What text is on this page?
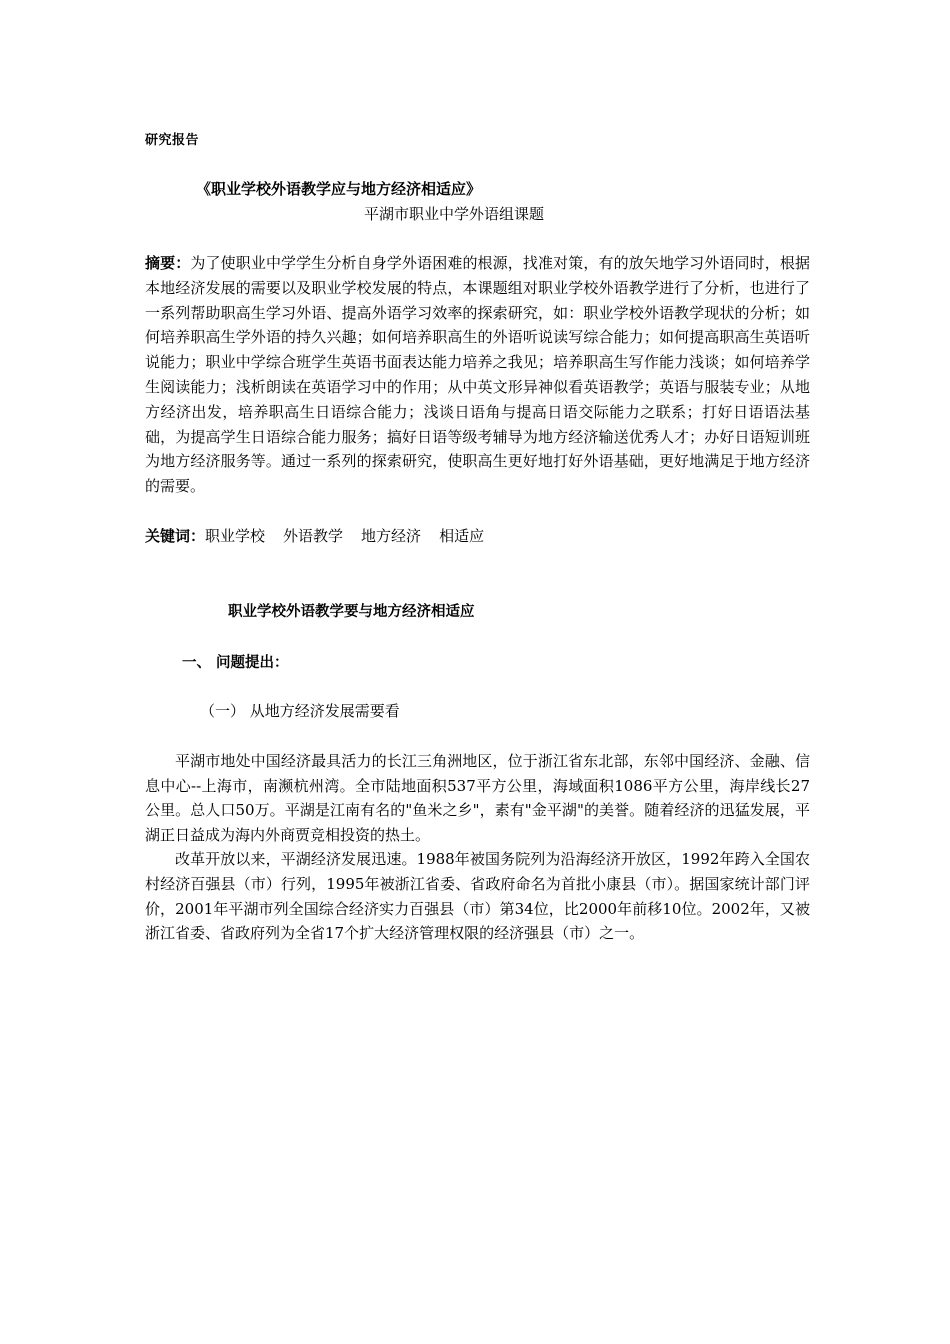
研究报告
《职业学校外语教学应与地方经济相适应》
平湖市职业中学外语组课题
摘要：为了使职业中学学生分析自身学外语困难的根源，找准对策，有的放矢地学习外语同时，根据本地经济发展的需要以及职业学校发展的特点，本课题组对职业学校外语教学进行了分析，也进行了一系列帮助职高生学习外语、提高外语学习效率的探索研究，如：职业学校外语教学现状的分析；如何培养职高生学外语的持久兴趣；如何培养职高生的外语听说读写综合能力；如何提高职高生英语听说能力；职业中学综合班学生英语书面表达能力培养之我见；培养职高生写作能力浅谈；如何培养学生阅读能力；浅析朗读在英语学习中的作用；从中英文形异神似看英语教学；英语与服装专业；从地方经济出发，培养职高生日语综合能力；浅谈日语角与提高日语交际能力之联系；打好日语语法基础，为提高学生日语综合能力服务；搞好日语等级考辅导为地方经济输送优秀人才；办好日语短训班为地方经济服务等。通过一系列的探索研究，使职高生更好地打好外语基础，更好地满足于地方经济的需要。
关键词：职业学校 外语教学 地方经济 相适应
职业学校外语教学要与地方经济相适应
一、 问题提出：
（一） 从地方经济发展需要看

平湖市地处中国经济最具活力的长江三角洲地区，位于浙江省东北部，东邻中国经济、金融、信息中心--上海市，南濒杭州湾。全市陆地面积537平方公里，海域面积1086平方公里，海岸线长27公里。总人口50万。平湖是江南有名的"鱼米之乡"，素有"金平湖"的美誉。随着经济的迅猛发展，平湖正日益成为海内外商贾竞相投资的热土。

改革开放以来，平湖经济发展迅速。1988年被国务院列为沿海经济开放区，1992年跨入全国农村经济百强县（市）行列，1995年被浙江省委、省政府命名为首批小康县（市）。据国家统计部门评价，2001年平湖市列全国综合经济实力百强县（市）第34位，比2000年前移10位。2002年，又被浙江省委、省政府列为全省17个扩大经济管理权限的经济强县（市）之一。
